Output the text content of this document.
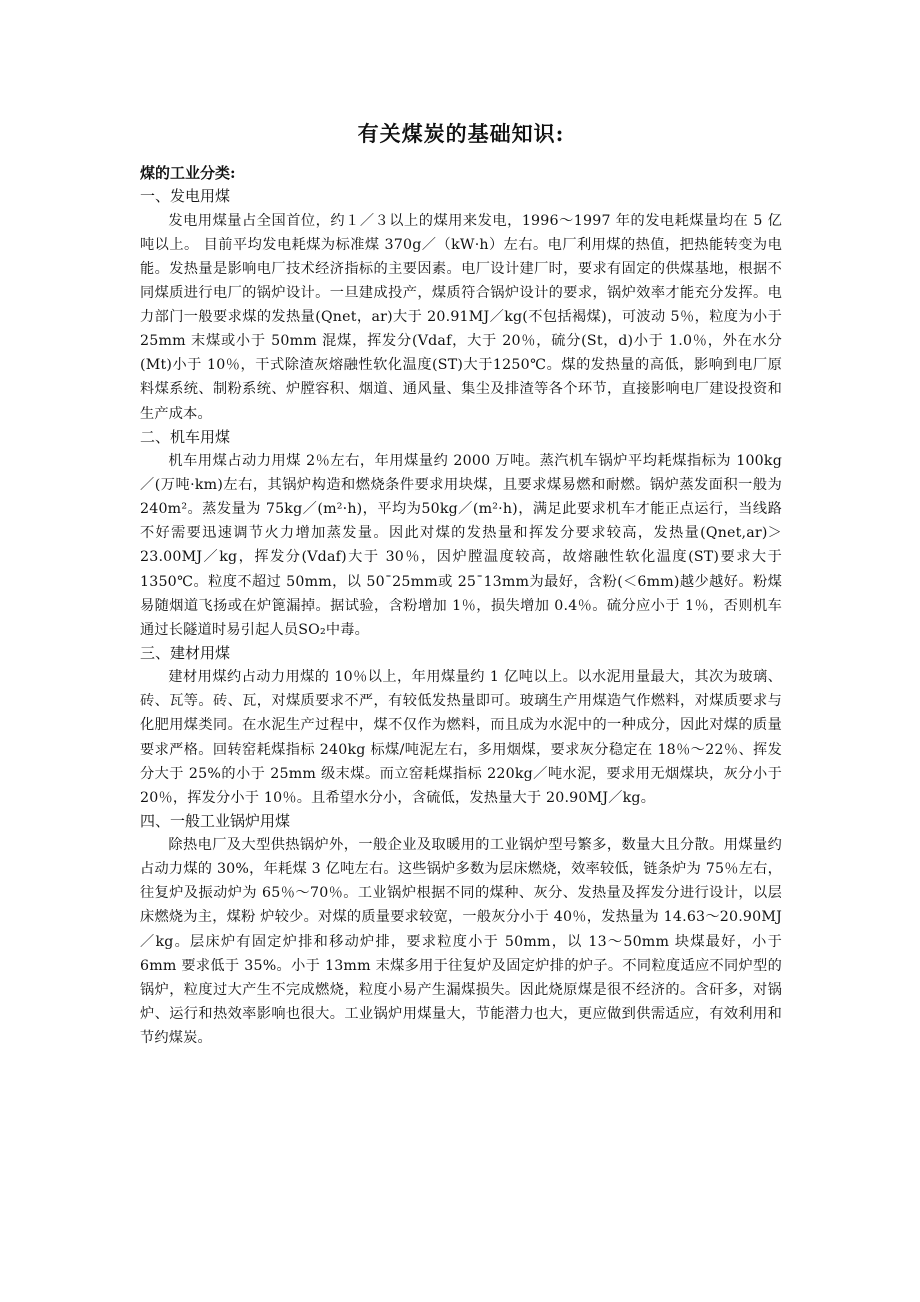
有关煤炭的基础知识:
煤的工业分类:
一、发电用煤

发电用煤量占全国首位，约１／３以上的煤用来发电，1996～1997 年的发电耗煤量均在 5 亿吨以上。 目前平均发电耗煤为标准煤 370g／（kW·h）左右。电厂利用煤的热值，把热能转变为电能。发热量是影响电厂技术经济指标的主要因素。电厂设计建厂时，要求有固定的供煤基地，根据不同煤质进行电厂的锅炉设计。一旦建成投产，煤质符合锅炉设计的要求，锅炉效率才能充分发挥。电力部门一般要求煤的发热量(Qnet，ar)大于 20.91MJ／kg(不包括褐煤)，可波动 5％，粒度为小于 25mm 末煤或小于 50mm 混煤，挥发分(Vdaf，大于 20％，硫分(St，d)小于 1.0％，外在水分(Mt)小于 10％，干式除渣灰熔融性软化温度(ST)大于1250℃。煤的发热量的高低，影响到电厂原料煤系统、制粉系统、炉膛容积、烟道、通风量、集尘及排渣等各个环节，直接影响电厂建设投资和生产成本。

二、机车用煤

机车用煤占动力用煤 2％左右，年用煤量约 2000 万吨。蒸汽机车锅炉平均耗煤指标为 100kg／(万吨·km)左右，其锅炉构造和燃烧条件要求用块煤，且要求煤易燃和耐燃。锅炉蒸发面积一般为 240m²。蒸发量为 75kg／(m²·h)，平均为50kg／(m²·h)，满足此要求机车才能正点运行，当线路不好需要迅速调节火力增加蒸发量。因此对煤的发热量和挥发分要求较高，发热量(Qnet,ar)＞23.00MJ／kg，挥发分(Vdaf)大于 30％，因炉膛温度较高，故熔融性软化温度(ST)要求大于 1350℃。粒度不超过 50mm，以 50¯25mm或 25¯13mm为最好，含粉(＜6mm)越少越好。粉煤易随烟道飞扬或在炉篦漏掉。据试验，含粉增加 1％，损失增加 0.4％。硫分应小于 1％，否则机车通过长隧道时易引起人员SO₂中毒。

三、建材用煤

建材用煤约占动力用煤的 10％以上，年用煤量约 1 亿吨以上。以水泥用量最大，其次为玻璃、砖、瓦等。砖、瓦，对煤质要求不严，有较低发热量即可。玻璃生产用煤造气作燃料，对煤质要求与化肥用煤类同。在水泥生产过程中，煤不仅作为燃料，而且成为水泥中的一种成分，因此对煤的质量要求严格。回转窑耗煤指标 240kg 标煤/吨泥左右，多用烟煤，要求灰分稳定在 18％～22％、挥发分大于 25%的小于 25mm 级末煤。而立窑耗煤指标 220kg／吨水泥，要求用无烟煤块，灰分小于 20％，挥发分小于 10％。且希望水分小，含硫低，发热量大于 20.90MJ／kg。

四、一般工业锅炉用煤

除热电厂及大型供热锅炉外，一般企业及取暖用的工业锅炉型号繁多，数量大且分散。用煤量约占动力煤的 30%，年耗煤 3 亿吨左右。这些锅炉多数为层床燃烧，效率较低，链条炉为 75％左右，往复炉及振动炉为 65％～70％。工业锅炉根据不同的煤种、灰分、发热量及挥发分进行设计，以层床燃烧为主，煤粉 炉较少。对煤的质量要求较宽，一般灰分小于 40％，发热量为 14.63～20.90MJ／kg。层床炉有固定炉排和移动炉排，要求粒度小于 50mm，以 13～50mm 块煤最好，小于 6mm 要求低于 35%。小于 13mm 末煤多用于往复炉及固定炉排的炉子。不同粒度适应不同炉型的锅炉，粒度过大产生不完成燃烧，粒度小易产生漏煤损失。因此烧原煤是很不经济的。含矸多，对锅炉、运行和热效率影响也很大。工业锅炉用煤量大，节能潜力也大，更应做到供需适应，有效利用和节约煤炭。
